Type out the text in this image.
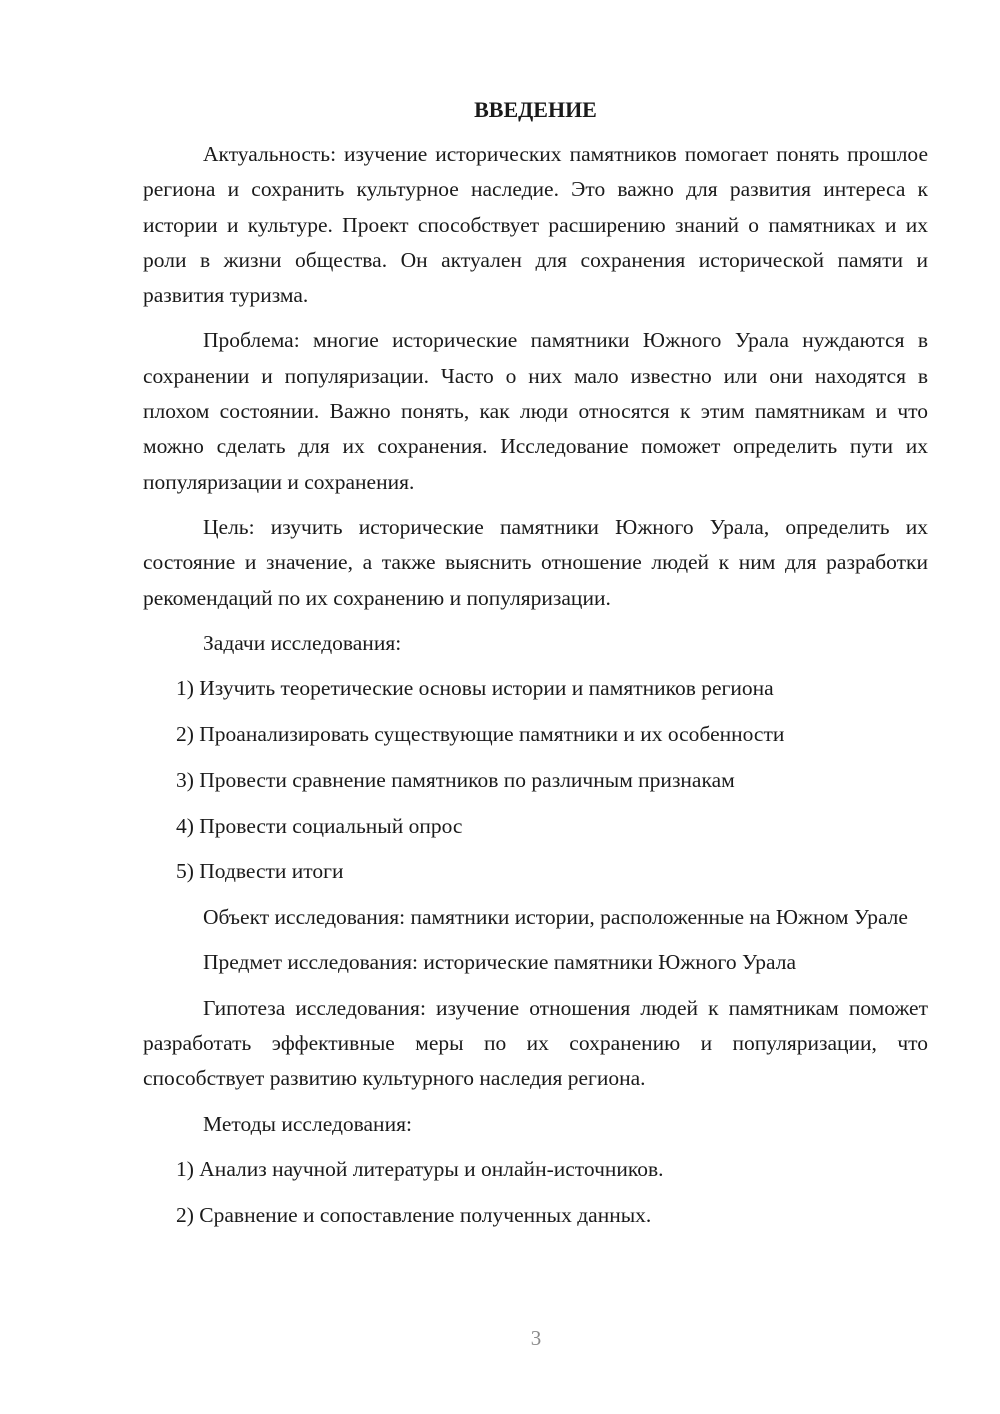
ВВЕДЕНИЕ
Актуальность: изучение исторических памятников помогает понять прошлое региона и сохранить культурное наследие. Это важно для развития интереса к истории и культуре. Проект способствует расширению знаний о памятниках и их роли в жизни общества. Он актуален для сохранения исторической памяти и развития туризма.
Проблема: многие исторические памятники Южного Урала нуждаются в сохранении и популяризации. Часто о них мало известно или они находятся в плохом состоянии. Важно понять, как люди относятся к этим памятникам и что можно сделать для их сохранения. Исследование поможет определить пути их популяризации и сохранения.
Цель: изучить исторические памятники Южного Урала, определить их состояние и значение, а также выяснить отношение людей к ним для разработки рекомендаций по их сохранению и популяризации.
Задачи исследования:
1) Изучить теоретические основы истории и памятников региона
2) Проанализировать существующие памятники и их особенности
3) Провести сравнение памятников по различным признакам
4) Провести социальный опрос
5) Подвести итоги
Объект исследования: памятники истории, расположенные на Южном Урале
Предмет исследования: исторические памятники Южного Урала
Гипотеза исследования: изучение отношения людей к памятникам поможет разработать эффективные меры по их сохранению и популяризации, что способствует развитию культурного наследия региона.
Методы исследования:
1) Анализ научной литературы и онлайн-источников.
2) Сравнение и сопоставление полученных данных.
3
